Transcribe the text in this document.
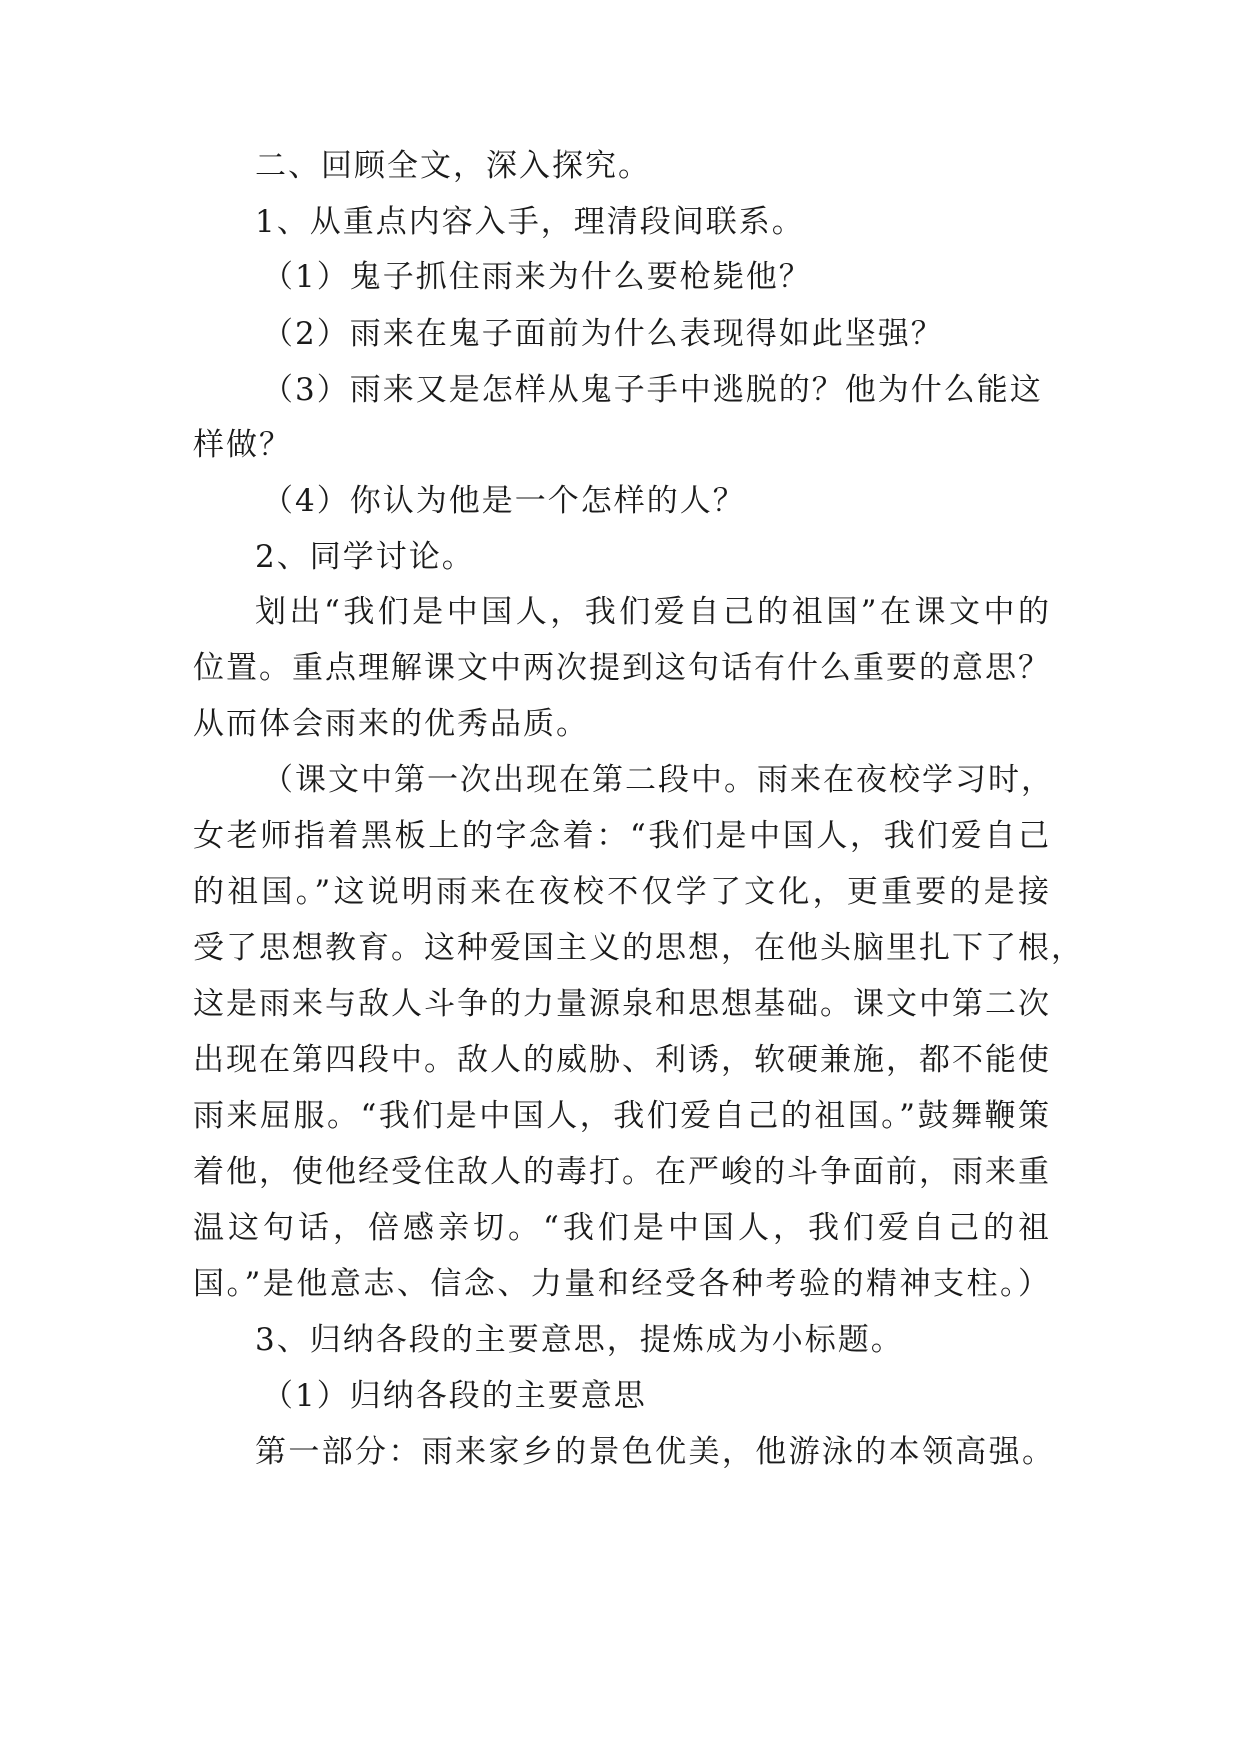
二、回顾全文，深入探究。
1、从重点内容入手，理清段间联系。
（1）鬼子抓住雨来为什么要枪毙他？
（2）雨来在鬼子面前为什么表现得如此坚强？
（3）雨来又是怎样从鬼子手中逃脱的？他为什么能这
样做？
（4）你认为他是一个怎样的人？
2、同学讨论。
划出“我们是中国人，我们爱自己的祖国”在课文中的
位置。重点理解课文中两次提到这句话有什么重要的意思？
从而体会雨来的优秀品质。
（课文中第一次出现在第二段中。雨来在夜校学习时，
女老师指着黑板上的字念着：“我们是中国人，我们爱自己
的祖国。”这说明雨来在夜校不仅学了文化，更重要的是接
受了思想教育。这种爱国主义的思想，在他头脑里扎下了根，
这是雨来与敌人斗争的力量源泉和思想基础。课文中第二次
出现在第四段中。敌人的威胁、利诱，软硬兼施，都不能使
雨来屈服。“我们是中国人，我们爱自己的祖国。”鼓舞鞭策
着他，使他经受住敌人的毒打。在严峻的斗争面前，雨来重
温这句话，倍感亲切。“我们是中国人，我们爱自己的祖
国。”是他意志、信念、力量和经受各种考验的精神支柱。）
3、归纳各段的主要意思，提炼成为小标题。
（1）归纳各段的主要意思
第一部分：雨来家乡的景色优美，他游泳的本领高强。
